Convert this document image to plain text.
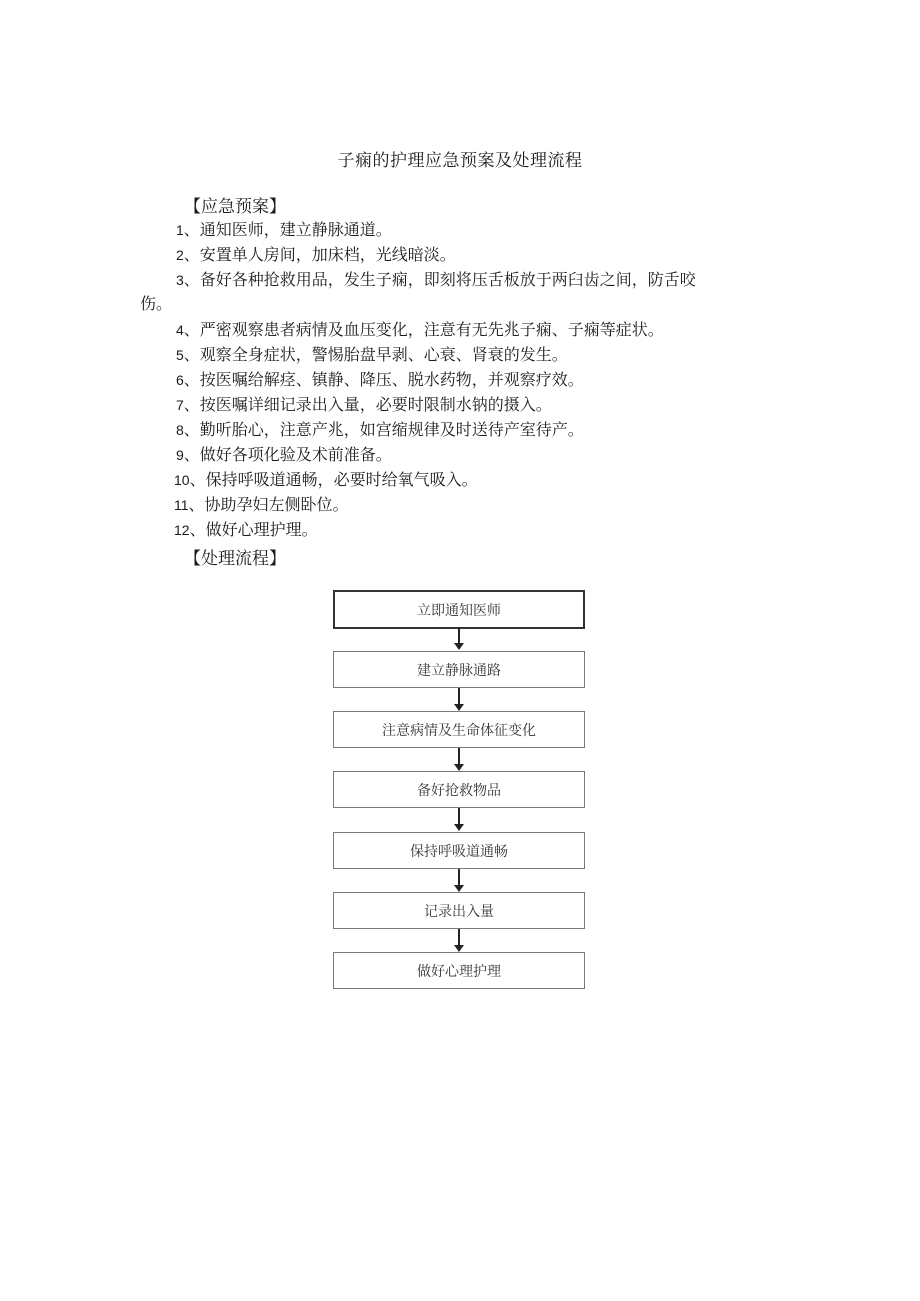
子痫的护理应急预案及处理流程
【应急预案】
1、通知医师，建立静脉通道。
2、安置单人房间，加床档，光线暗淡。
3、备好各种抢救用品，发生子痫，即刻将压舌板放于两臼齿之间，防舌咬
伤。
4、严密观察患者病情及血压变化，注意有无先兆子痫、子痫等症状。
5、观察全身症状，警惕胎盘早剥、心衰、肾衰的发生。
6、按医嘱给解痉、镇静、降压、脱水药物，并观察疗效。
7、按医嘱详细记录出入量，必要时限制水钠的摄入。
8、勤听胎心，注意产兆，如宫缩规律及时送待产室待产。
9、做好各项化验及术前准备。
10、保持呼吸道通畅，必要时给氧气吸入。
11、协助孕妇左侧卧位。
12、做好心理护理。
【处理流程】
立即通知医师
建立静脉通路
注意病情及生命体征变化
备好抢救物品
保持呼吸道通畅
记录出入量
做好心理护理
